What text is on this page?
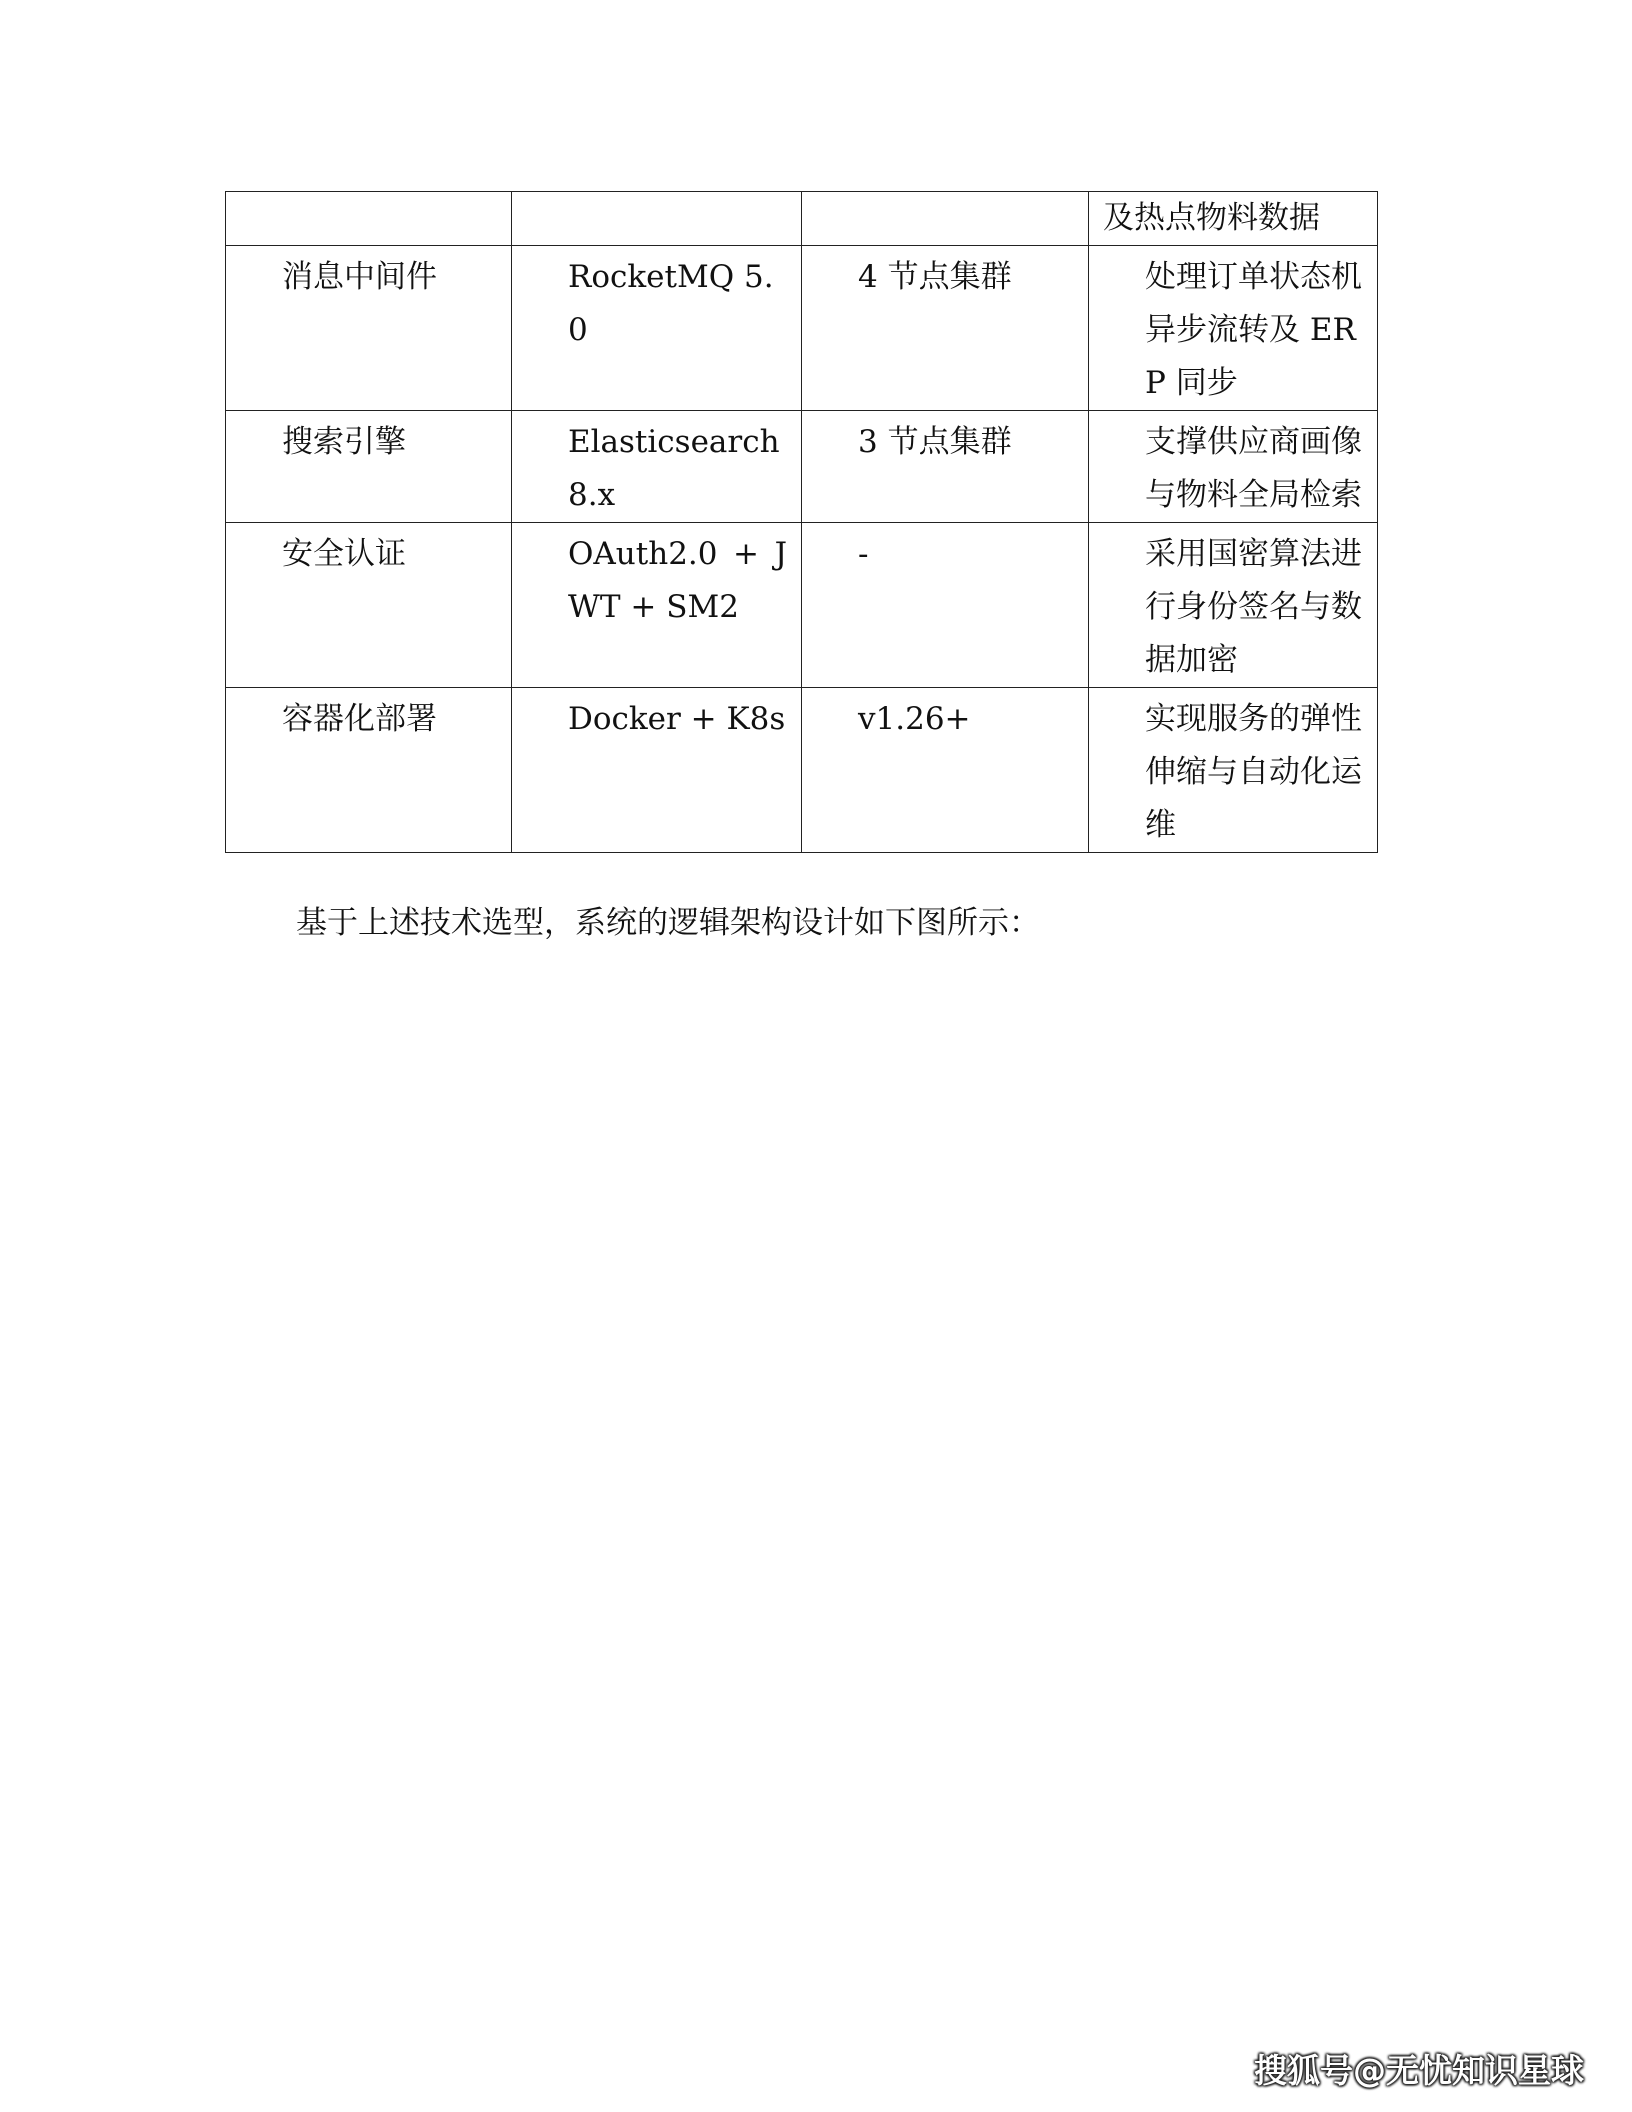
			及热点物料数据
消息中间件	RocketMQ 5.0	4 节点集群	处理订单状态机异步流转及 ERP 同步
搜索引擎	Elasticsearch 8.x	3 节点集群	支撑供应商画像与物料全局检索
安全认证	OAuth2.0 + JWT + SM2	-	采用国密算法进行身份签名与数据加密
容器化部署	Docker + K8s	v1.26+	实现服务的弹性伸缩与自动化运维
基于上述技术选型，系统的逻辑架构设计如下图所示：
搜狐号@无忧知识星球
